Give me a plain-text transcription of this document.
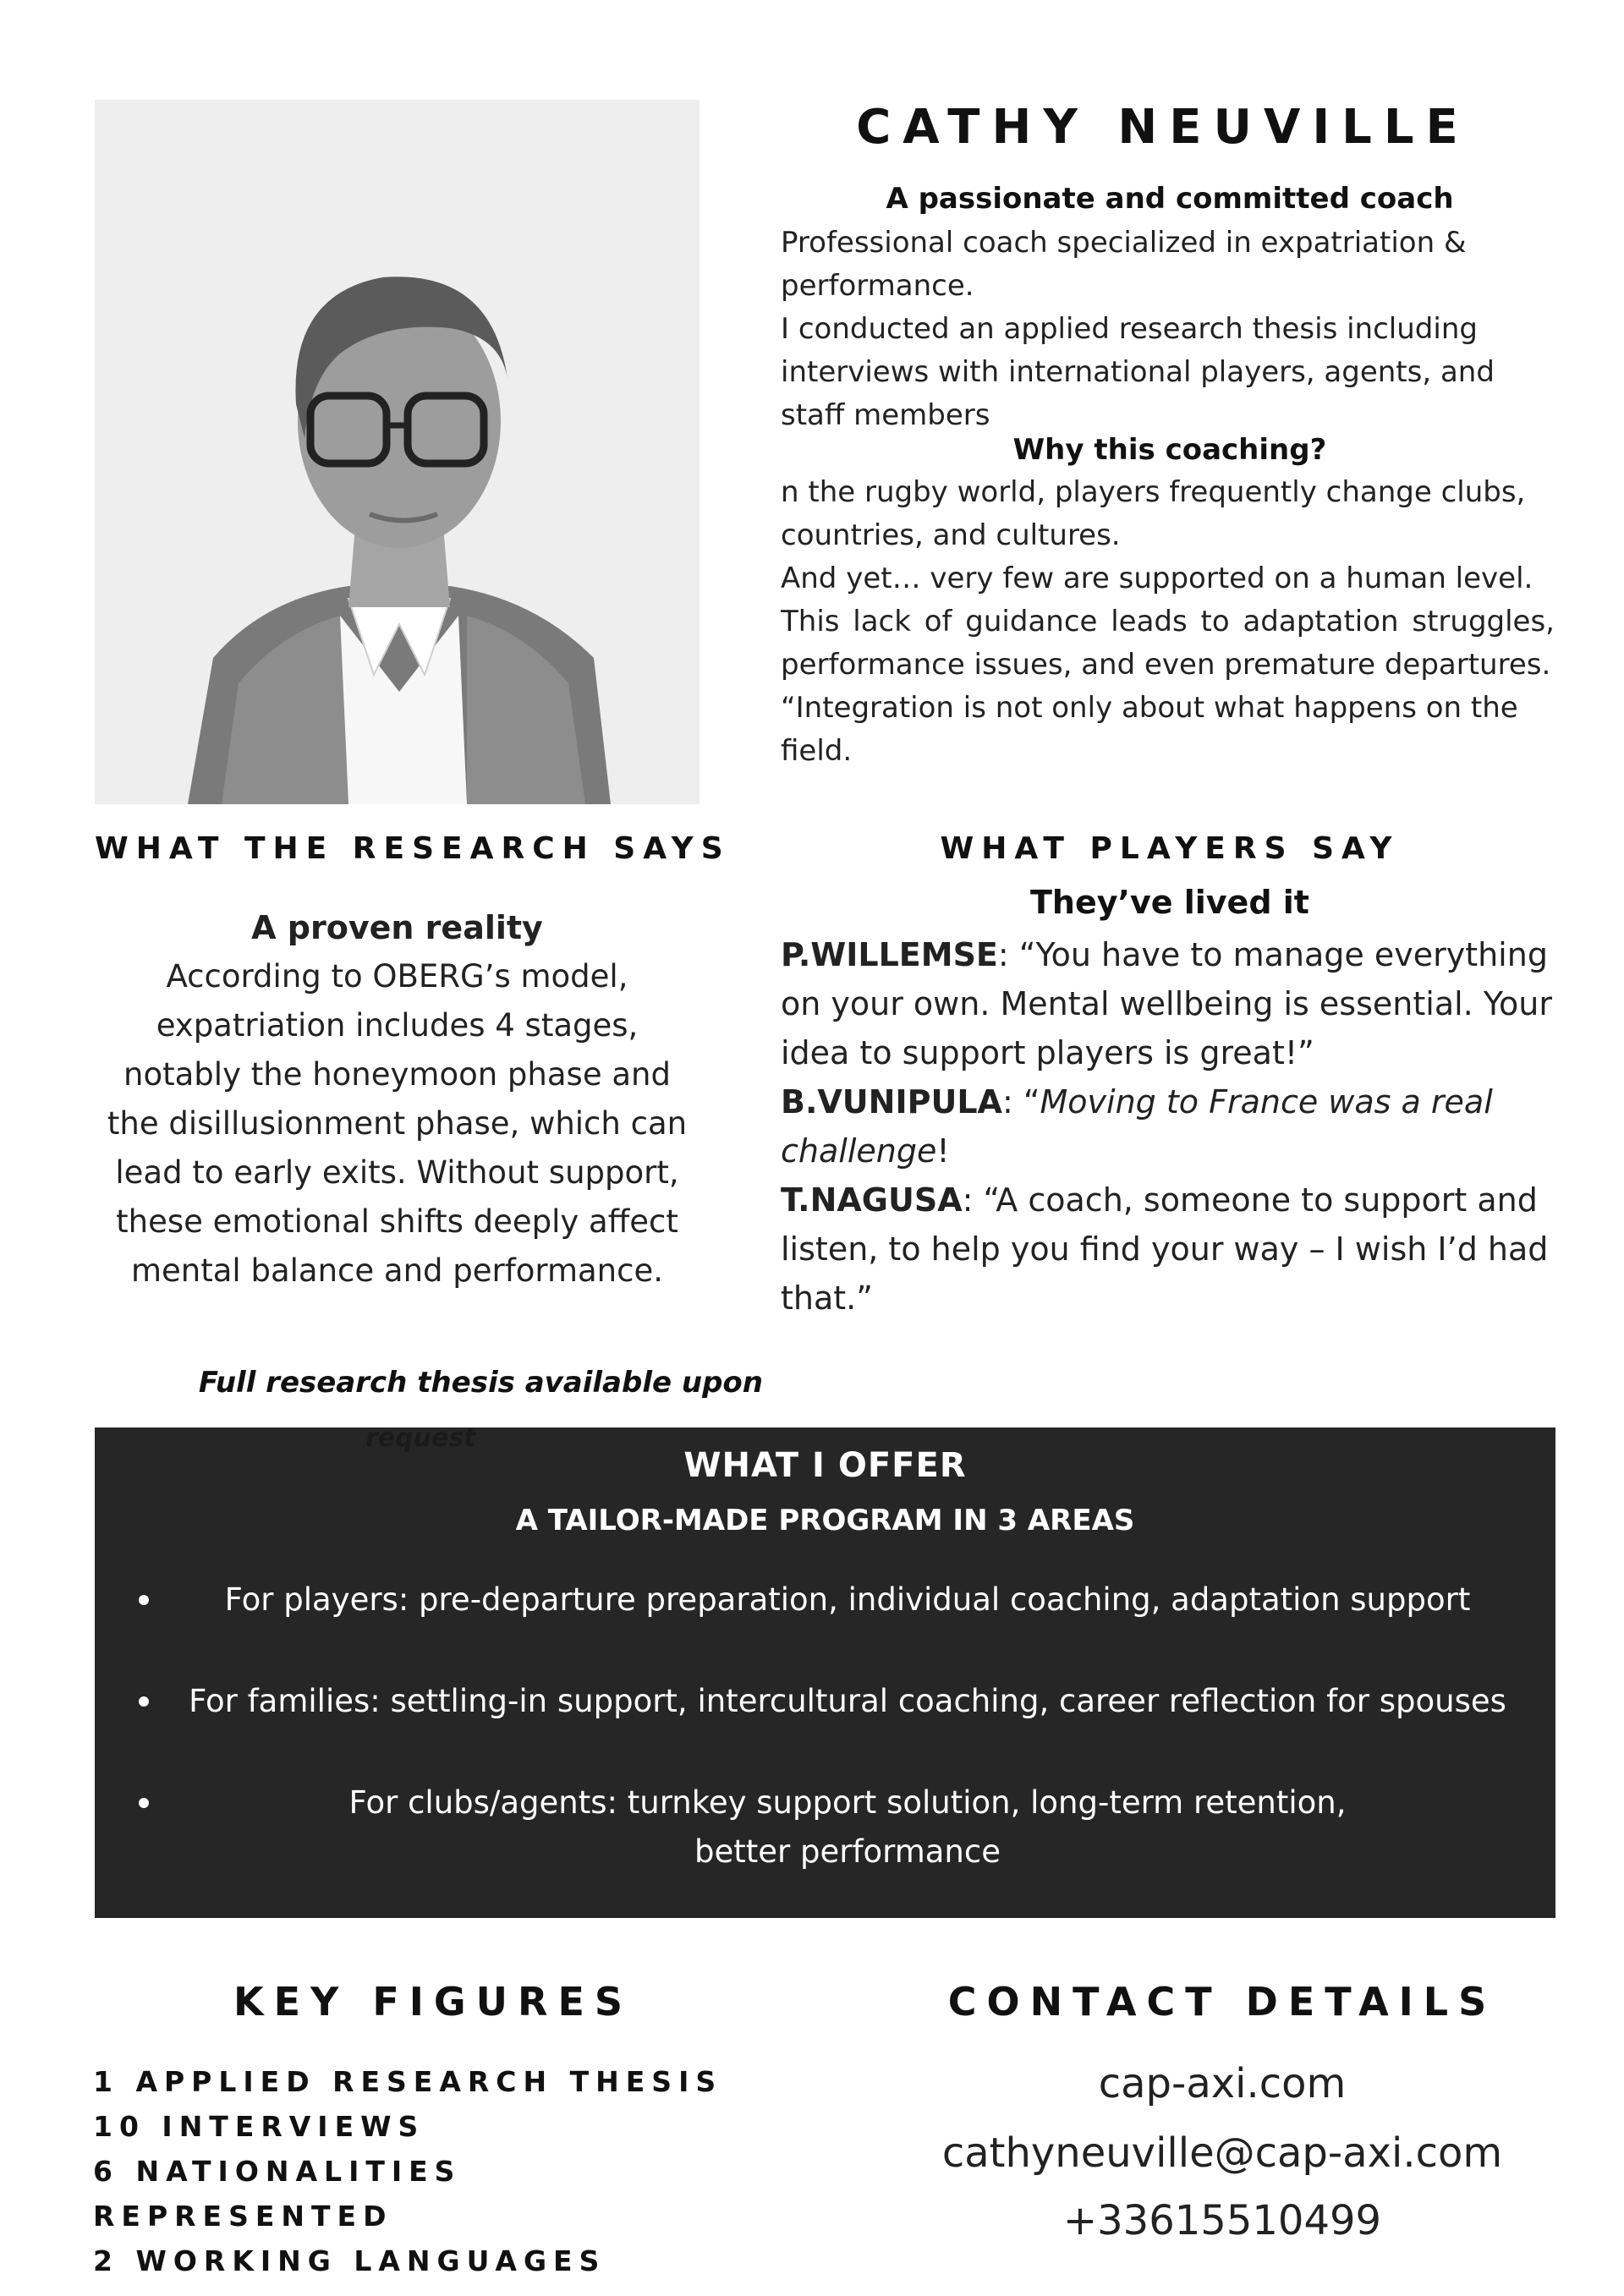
CATHY NEUVILLE
A passionate and committed coach

Professional coach specialized in expatriation & performance.

I conducted an applied research thesis including interviews with international players, agents, and staff members

Why this coaching?

n the rugby world, players frequently change clubs, countries, and cultures.

And yet… very few are supported on a human level.

This lack of guidance leads to adaptation struggles, performance issues, and even premature departures.

“Integration is not only about what happens on the field.

WHAT THE RESEARCH SAYS
A proven reality
According to OBERG’s model, expatriation includes 4 stages, notably the honeymoon phase and the disillusionment phase, which can lead to early exits. Without support, these emotional shifts deeply affect mental balance and performance.
Full research thesis available upon
request
WHAT PLAYERS SAY
They’ve lived it

P.WILLEMSE: “You have to manage everything on your own. Mental wellbeing is essential. Your idea to support players is great!”

B.VUNIPULA: “Moving to France was a real challenge!

T.NAGUSA: “A coach, someone to support and listen, to help you find your way – I wish I’d had that.”

WHAT I OFFER
A TAILOR-MADE PROGRAM IN 3 AREAS
For players: pre-departure preparation, individual coaching, adaptation support
For families: settling-in support, intercultural coaching, career reflection for spouses
For clubs/agents: turnkey support solution, long-term retention, better performance
KEY FIGURES
1 APPLIED RESEARCH THESIS
10 INTERVIEWS
6 NATIONALITIES REPRESENTED
2 WORKING LANGUAGES
CONTACT DETAILS
cap-axi.com
cathyneuville@cap-axi.com
+33615510499
